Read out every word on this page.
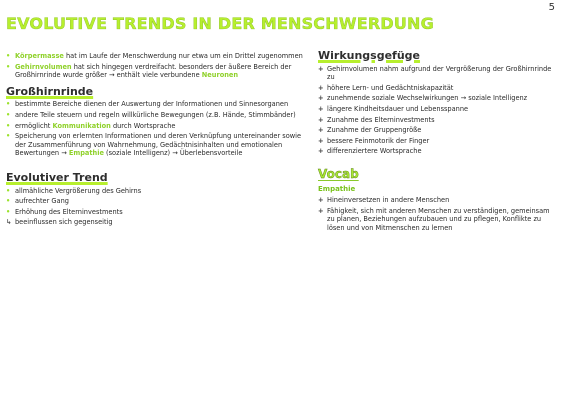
5
EVOLUTIVE TRENDS IN DER MENSCHWERDUNG
• Körpermasse hat im Laufe der Menschwerdung nur etwa um ein Drittel zugenommen
• Gehirnvolumen hat sich hingegen verdreifacht. besonders der äußere Bereich der Großhirnrinde wurde größer → enthält viele verbundene Neuronen
Großhirnrinde
• bestimmte Bereiche dienen der Auswertung der Informationen und Sinnesorganen
• andere Teile steuern und regeln willkürliche Bewegungen (z.B. Hände, Stimmbänder)
• ermöglicht Kommunikation durch Wortsprache
• Speicherung von erlernten Informationen und deren Verknüpfung untereinander sowie der Zusammenführung von Wahrnehmung, Gedächtnisinhalten und emotionalen Bewertungen → Empathie (soziale Intelligenz) → Überlebensvorteile
Evolutiver Trend
• allmähliche Vergrößerung des Gehirns
• aufrechter Gang
• Erhöhung des Elterninvestments
↳ beeinflussen sich gegenseitig
Wirkungsgefüge
+ Gehirnvolumen nahm aufgrund der Vergrößerung der Großhirnrinde zu
+ höhere Lern- und Gedächtniskapazität
+ zunehmende soziale Wechselwirkungen → soziale Intelligenz
+ längere Kindheitsdauer und Lebensspanne
+ Zunahme des Elterninvestments
+ Zunahme der Gruppengröße
+ bessere Feinmotorik der Finger
+ differenziertere Wortsprache
Vocab
Empathie
+ Hineinversetzen in andere Menschen
+ Fähigkeit, sich mit anderen Menschen zu verständigen, gemeinsam zu planen, Beziehungen aufzubauen und zu pflegen, Konflikte zu lösen und von Mitmenschen zu lernen
